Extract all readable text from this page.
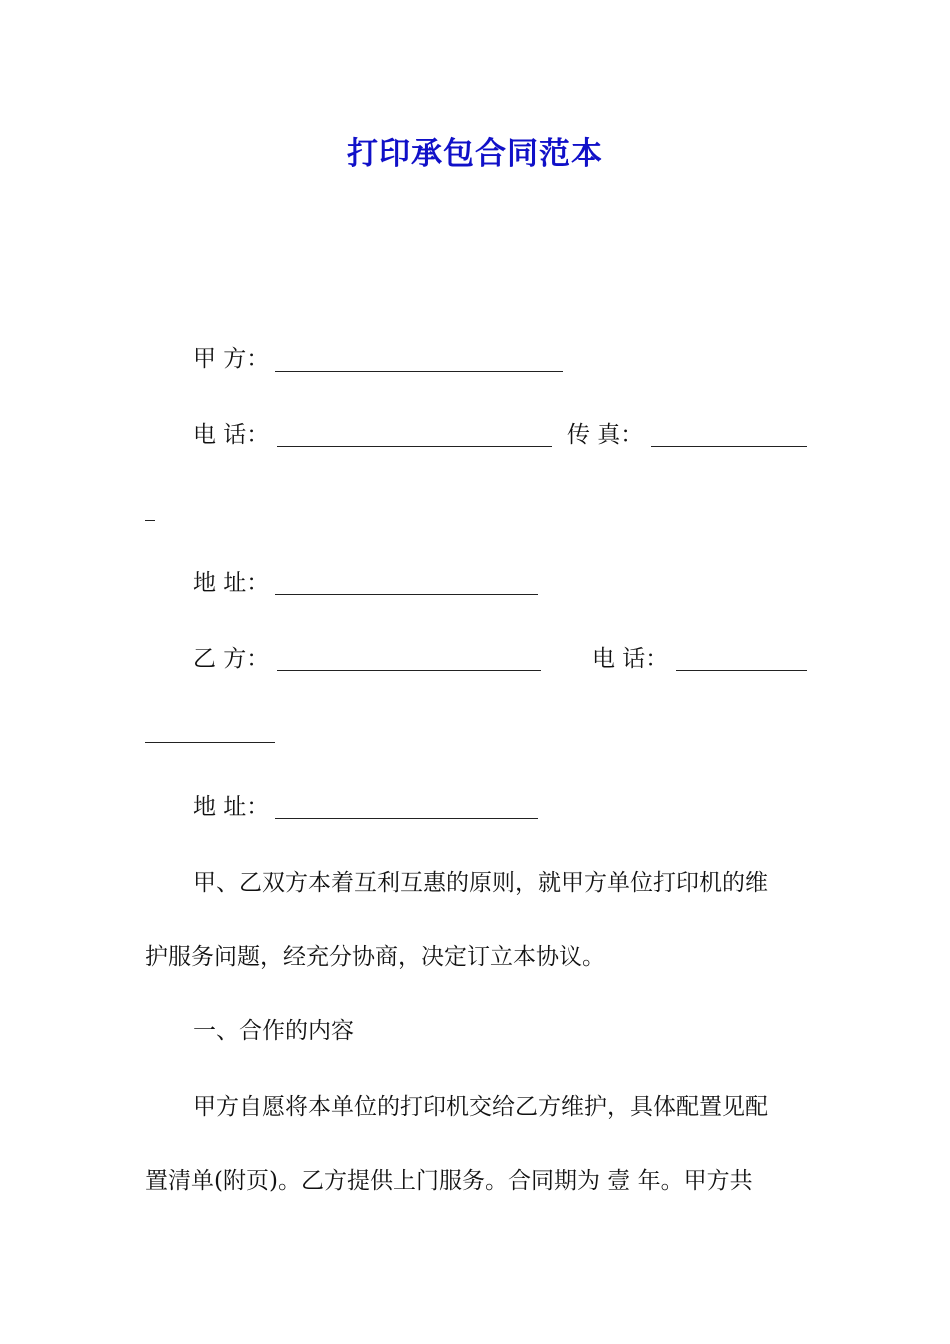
打印承包合同范本
甲 方：
电 话：	传 真：
地 址：
乙 方：	电 话：
地 址：
甲、乙双方本着互利互惠的原则，就甲方单位打印机的维
护服务问题，经充分协商，决定订立本协议。
一、合作的内容
甲方自愿将本单位的打印机交给乙方维护，具体配置见配
置清单(附页)。乙方提供上门服务。合同期为 壹 年。甲方共
